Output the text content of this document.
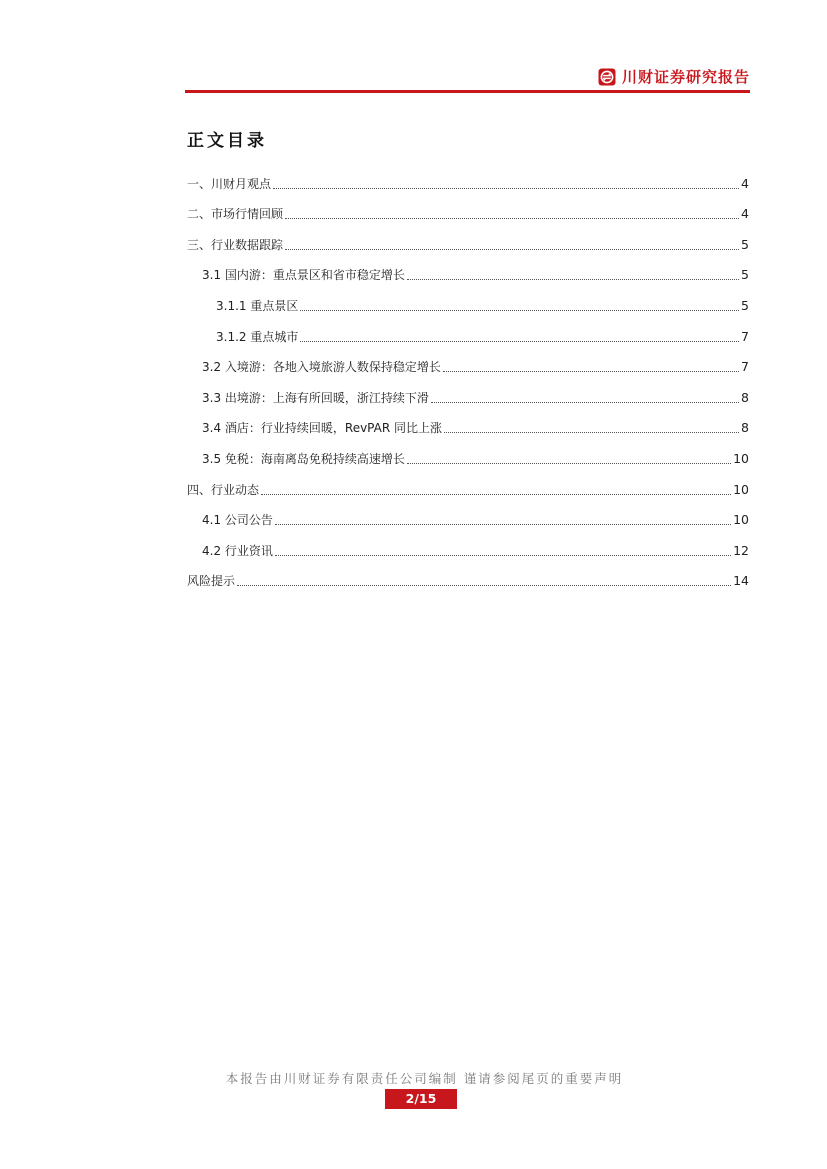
川财证券研究报告
正文目录
一、川财月观点	4
二、市场行情回顾	4
三、行业数据跟踪	5
3.1 国内游：重点景区和省市稳定增长	5
3.1.1 重点景区	5
3.1.2 重点城市	7
3.2 入境游：各地入境旅游人数保持稳定增长	7
3.3 出境游：上海有所回暖，浙江持续下滑	8
3.4 酒店：行业持续回暖，RevPAR 同比上涨	8
3.5 免税：海南离岛免税持续高速增长	10
四、行业动态	10
4.1 公司公告	10
4.2 行业资讯	12
风险提示	14
本报告由川财证券有限责任公司编制 谨请参阅尾页的重要声明
2/15
